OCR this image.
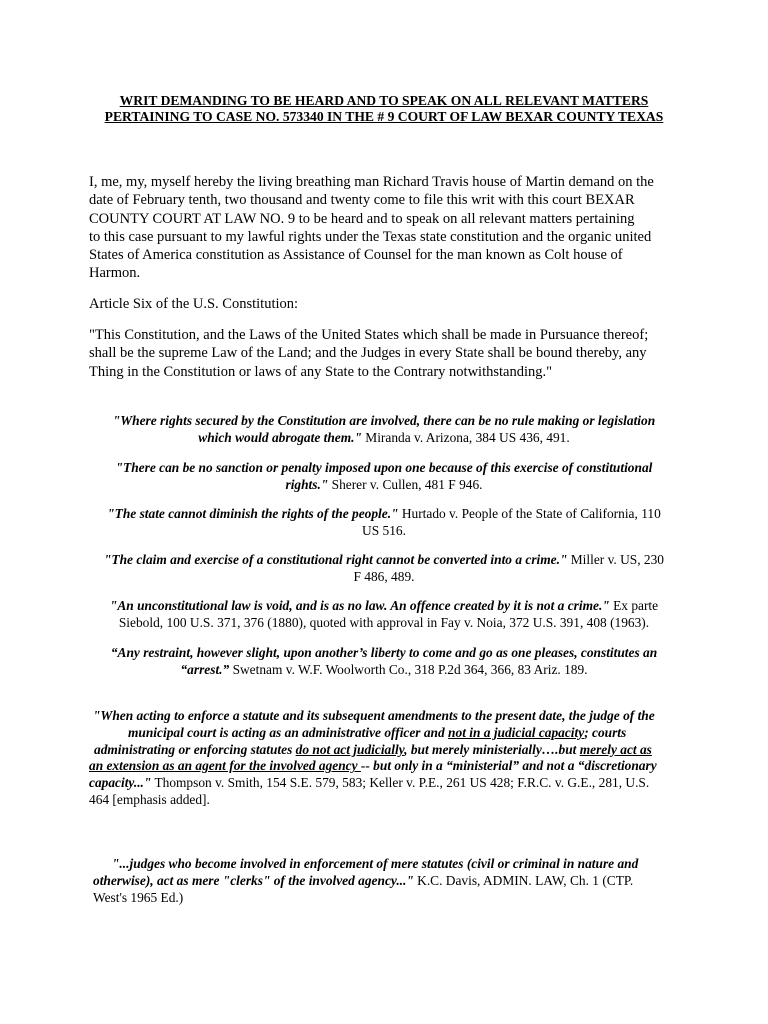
WRIT DEMANDING TO BE HEARD AND TO SPEAK ON ALL RELEVANT MATTERS
PERTAINING TO CASE NO. 573340 IN THE # 9 COURT OF LAW BEXAR COUNTY TEXAS
I, me, my, myself hereby the living breathing man Richard Travis house of Martin demand on the
date of February tenth, two thousand and twenty come to file this writ with this court BEXAR
COUNTY COURT AT LAW NO. 9 to be heard and to speak on all relevant matters pertaining
to this case pursuant to my lawful rights under the Texas state constitution and the organic united
States of America constitution as Assistance of Counsel for the man known as Colt house of
Harmon.
Article Six of the U.S. Constitution:
"This Constitution, and the Laws of the United States which shall be made in Pursuance thereof;
shall be the supreme Law of the Land; and the Judges in every State shall be bound thereby, any
Thing in the Constitution or laws of any State to the Contrary notwithstanding."
"Where rights secured by the Constitution are involved, there can be no rule making or legislation
which would abrogate them." Miranda v. Arizona, 384 US 436, 491.
"There can be no sanction or penalty imposed upon one because of this exercise of constitutional
rights." Sherer v. Cullen, 481 F 946.
"The state cannot diminish the rights of the people." Hurtado v. People of the State of California, 110
US 516.
"The claim and exercise of a constitutional right cannot be converted into a crime." Miller v. US, 230
F 486, 489.
"An unconstitutional law is void, and is as no law. An offence created by it is not a crime." Ex parte
Siebold, 100 U.S. 371, 376 (1880), quoted with approval in Fay v. Noia, 372 U.S. 391, 408 (1963).
“Any restraint, however slight, upon another’s liberty to come and go as one pleases, constitutes an
“arrest.” Swetnam v. W.F. Woolworth Co., 318 P.2d 364, 366, 83 Ariz. 189.
"When acting to enforce a statute and its subsequent amendments to the present date, the judge of the
municipal court is acting as an administrative officer and not in a judicial capacity; courts
administrating or enforcing statutes do not act judicially, but merely ministerially….but merely act as
an extension as an agent for the involved agency -- but only in a “ministerial” and not a “discretionary
capacity..." Thompson v. Smith, 154 S.E. 579, 583; Keller v. P.E., 261 US 428; F.R.C. v. G.E., 281, U.S.
464 [emphasis added].
"...judges who become involved in enforcement of mere statutes (civil or criminal in nature and
otherwise), act as mere "clerks" of the involved agency..." K.C. Davis, ADMIN. LAW, Ch. 1 (CTP.
West's 1965 Ed.)
